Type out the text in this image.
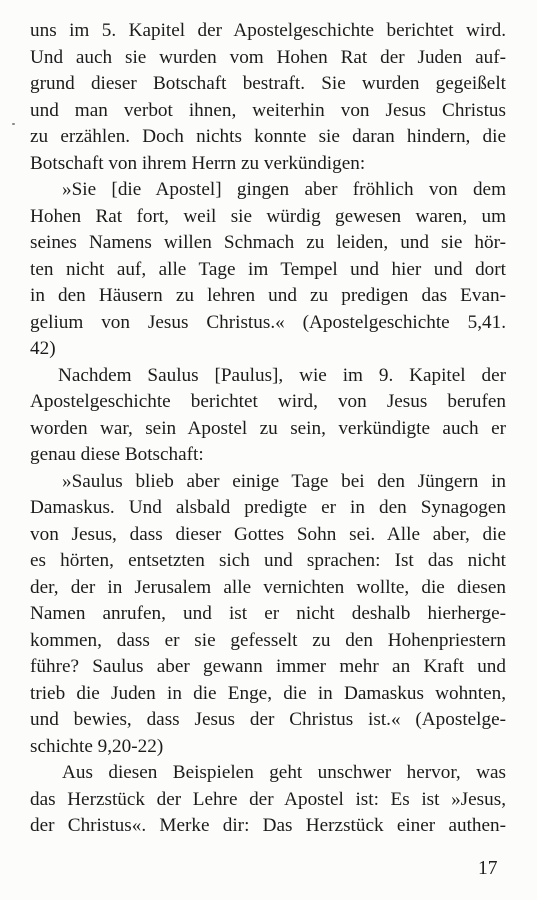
uns im 5. Kapitel der Apostelgeschichte berichtet wird.
Und auch sie wurden vom Hohen Rat der Juden auf-
grund dieser Botschaft bestraft. Sie wurden gegeißelt
und man verbot ihnen, weiterhin von Jesus Christus
zu erzählen. Doch nichts konnte sie daran hindern, die
Botschaft von ihrem Herrn zu verkündigen:
»Sie [die Apostel] gingen aber fröhlich von dem
Hohen Rat fort, weil sie würdig gewesen waren, um
seines Namens willen Schmach zu leiden, und sie hör-
ten nicht auf, alle Tage im Tempel und hier und dort
in den Häusern zu lehren und zu predigen das Evan-
gelium von Jesus Christus.« (Apostelgeschichte 5,41.
42)
Nachdem Saulus [Paulus], wie im 9. Kapitel der
Apostelgeschichte berichtet wird, von Jesus berufen
worden war, sein Apostel zu sein, verkündigte auch er
genau diese Botschaft:
»Saulus blieb aber einige Tage bei den Jüngern in
Damaskus. Und alsbald predigte er in den Synagogen
von Jesus, dass dieser Gottes Sohn sei. Alle aber, die
es hörten, entsetzten sich und sprachen: Ist das nicht
der, der in Jerusalem alle vernichten wollte, die diesen
Namen anrufen, und ist er nicht deshalb hierherge-
kommen, dass er sie gefesselt zu den Hohenpriestern
führe? Saulus aber gewann immer mehr an Kraft und
trieb die Juden in die Enge, die in Damaskus wohnten,
und bewies, dass Jesus der Christus ist.« (Apostelge-
schichte 9,20-22)
Aus diesen Beispielen geht unschwer hervor, was
das Herzstück der Lehre der Apostel ist: Es ist »Jesus,
der Christus«. Merke dir: Das Herzstück einer authen-
17
